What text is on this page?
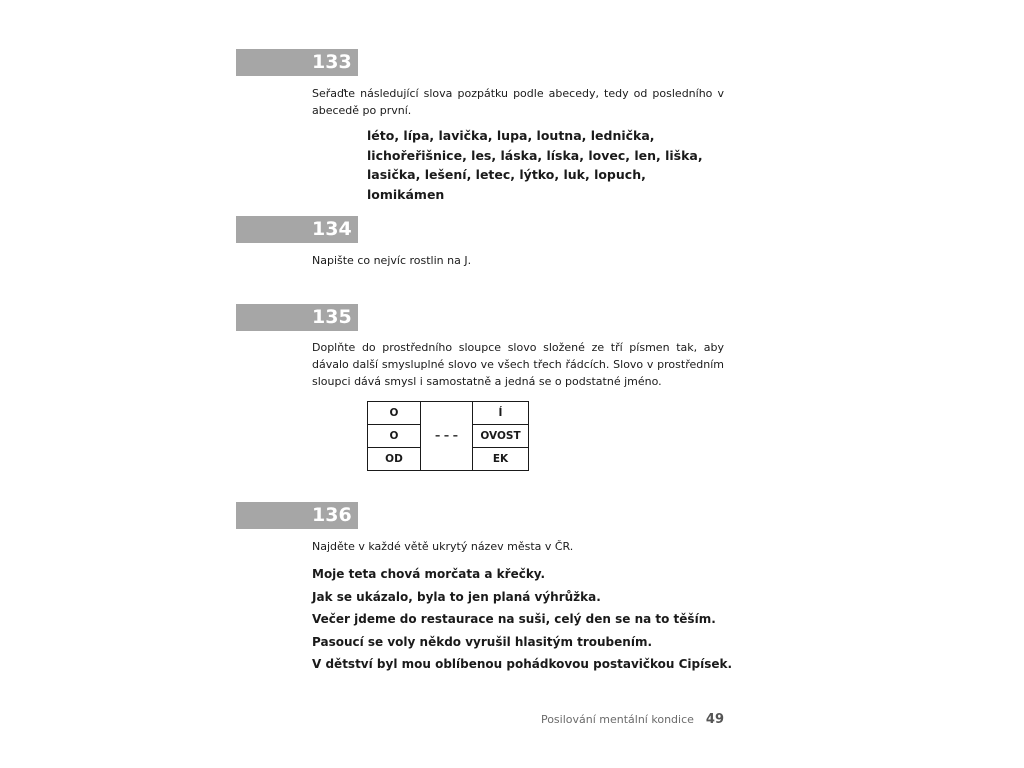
133
Seřaďte následující slova pozpátku podle abecedy, tedy od posledního v abecedě po první.
léto, lípa, lavička, lupa, loutna, lednička,
lichořeřišnice, les, láska, líska, lovec, len, liška,
lasička, lešení, letec, lýtko, luk, lopuch, lomikámen
134
Napište co nejvíc rostlin na J.
135
Doplňte do prostředního sloupce slovo složené ze tří písmen tak, aby dávalo další smysluplné slovo ve všech třech řádcích. Slovo v prostředním sloupci dává smysl i samostatně a jedná se o podstatné jméno.
O	– – –	Í
O		OVOST
OD		EK
136
Najděte v každé větě ukrytý název města v ČR.
Moje teta chová morčata a křečky.
Jak se ukázalo, byla to jen planá výhrůžka.
Večer jdeme do restaurace na suši, celý den se na to těším.
Pasoucí se voly někdo vyrušil hlasitým troubením.
V dětství byl mou oblíbenou pohádkovou postavičkou Cipísek.
Posilování mentální kondice 49
